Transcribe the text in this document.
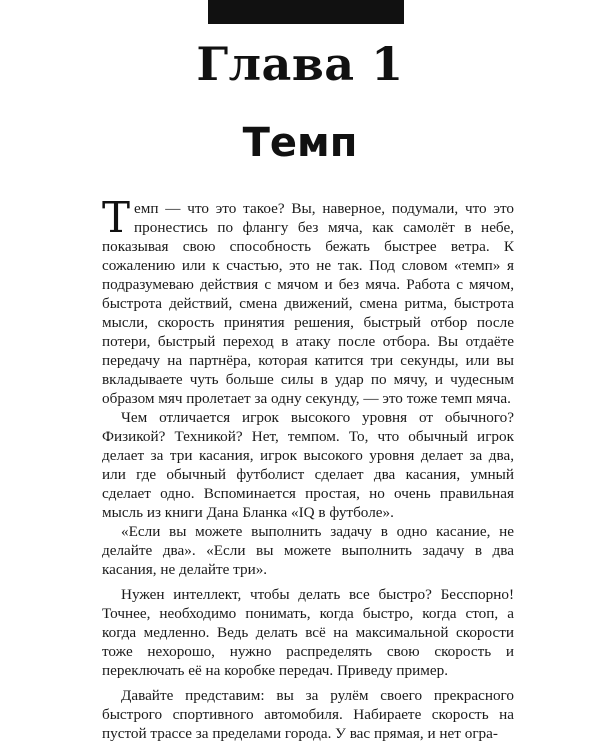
Глава 1
Темп

Темп — что это такое? Вы, наверное, подумали, что это пронестись по флангу без мяча, как самолёт в небе, показывая свою способность бежать быстрее ветра. К сожалению или к счастью, это не так. Под словом «темп» я подразумеваю действия с мячом и без мяча. Работа с мячом, быстрота действий, смена движений, смена ритма, быстрота мысли, скорость принятия решения, быстрый отбор после потери, быстрый переход в атаку после отбора. Вы отдаёте передачу на партнёра, которая катится три секунды, или вы вкладываете чуть больше силы в удар по мячу, и чудесным образом мяч пролетает за одну секунду, — это тоже темп мяча.

Чем отличается игрок высокого уровня от обычного? Физикой? Техникой? Нет, темпом. То, что обычный игрок делает за три касания, игрок высокого уровня делает за два, или где обычный футболист сделает два касания, умный сделает одно. Вспоминается простая, но очень правильная мысль из книги Дана Бланка «IQ в футболе».

«Если вы можете выполнить задачу в одно касание, не делайте два». «Если вы можете выполнить задачу в два касания, не делайте три».

Нужен интеллект, чтобы делать все быстро? Бесспорно! Точнее, необходимо понимать, когда быстро, когда стоп, а когда медленно. Ведь делать всё на максимальной скорости тоже нехорошо, нужно распределять свою скорость и переключать её на коробке передач. Приведу пример.

Давайте представим: вы за рулём своего прекрасного быстрого спортивного автомобиля. Набираете скорость на пустой трассе за пределами города. У вас прямая, и нет огра-
